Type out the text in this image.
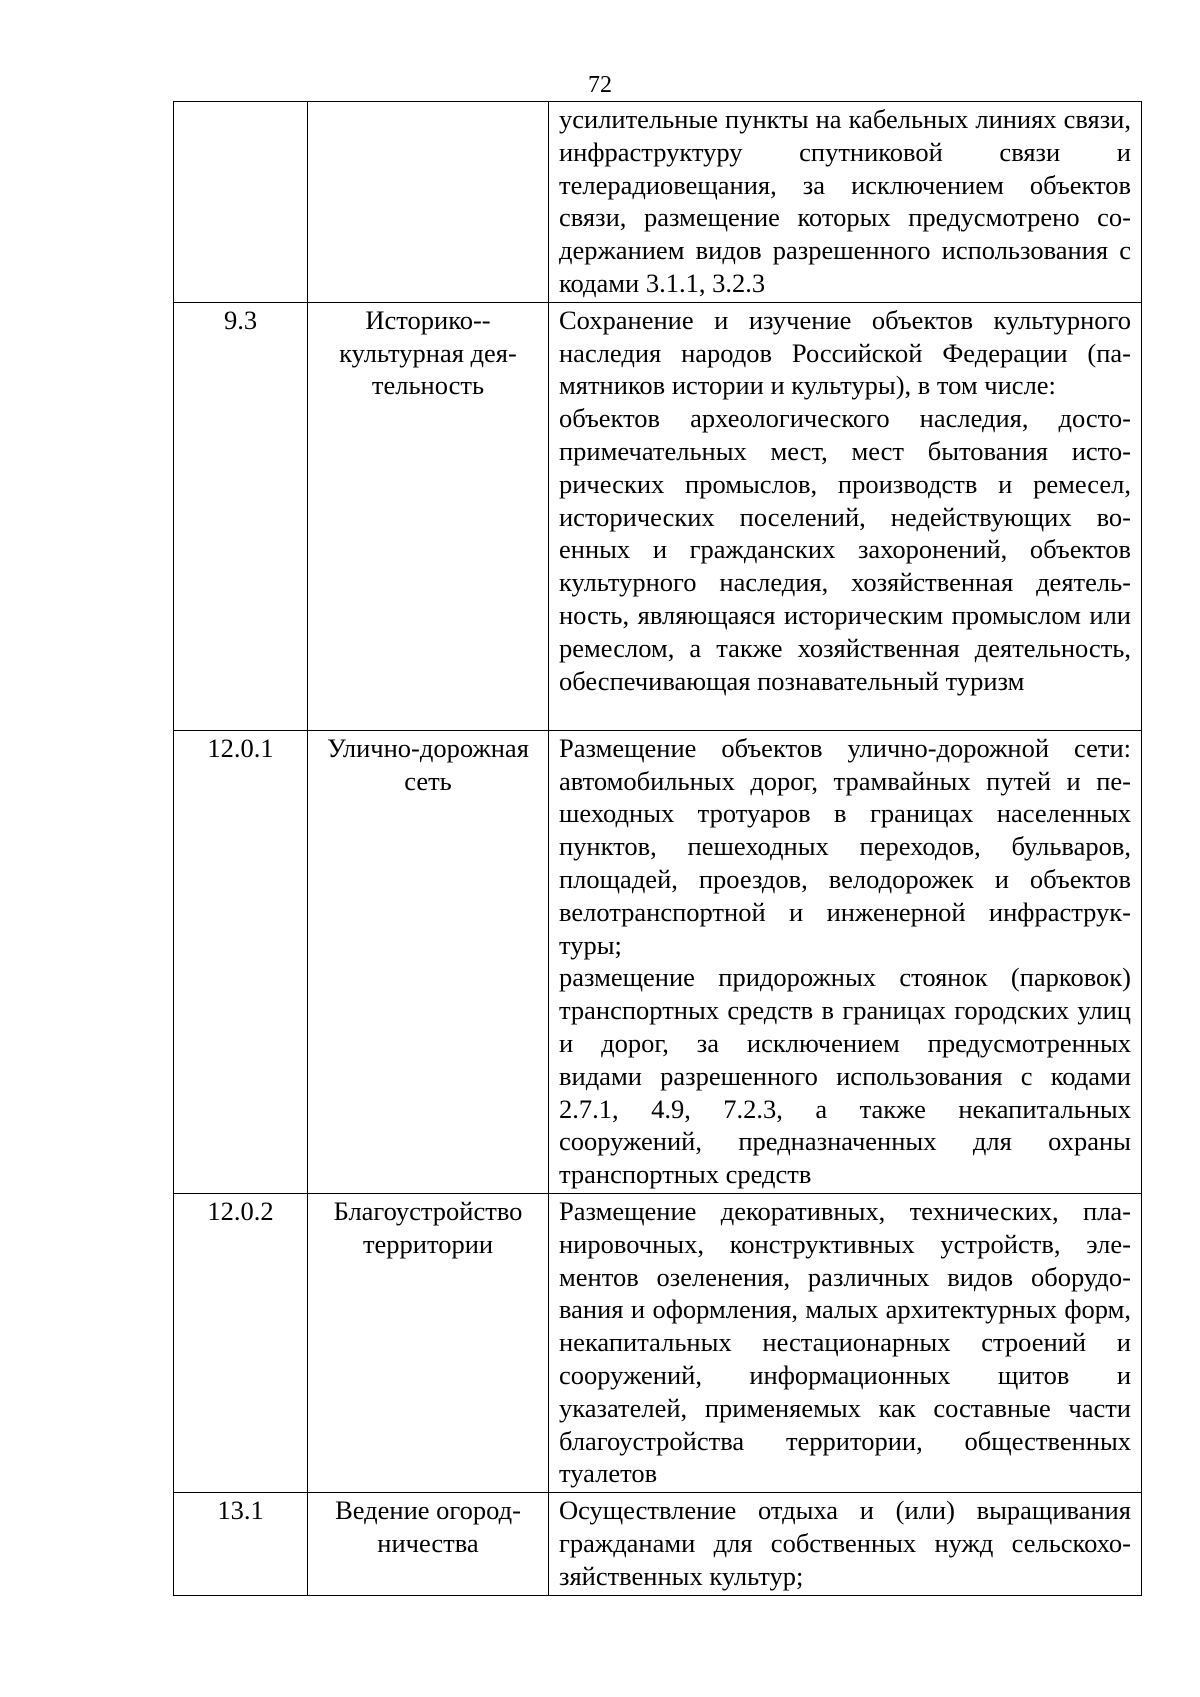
72

		усилительные пункты на кабельных линиях связи, инфраструктуру спутниковой связи и телерадиовещания, за исключением объектов связи, размещение которых предусмотрено содержанием видов разрешенного использования с кодами 3.1.1, 3.2.3

9.3	Историко-культурная деятельность	Сохранение и изучение объектов культурного наследия народов Российской Федерации (памятников истории и культуры), в том числе:
объектов археологического наследия, достопримечательных мест, мест бытования исторических промыслов, производств и ремесел, исторических поселений, недействующих военных и гражданских захоронений, объектов культурного наследия, хозяйственная деятельность, являющаяся историческим промыслом или ремеслом, а также хозяйственная деятельность, обеспечивающая познавательный туризм

12.0.1	Улично-дорожная сеть	Размещение объектов улично-дорожной сети: автомобильных дорог, трамвайных путей и пешеходных тротуаров в границах населенных пунктов, пешеходных переходов, бульваров, площадей, проездов, велодорожек и объектов велотранспортной и инженерной инфраструктуры;
размещение придорожных стоянок (парковок) транспортных средств в границах городских улиц и дорог, за исключением предусмотренных видами разрешенного использования с кодами 2.7.1, 4.9, 7.2.3, а также некапитальных сооружений, предназначенных для охраны транспортных средств

12.0.2	Благоустройство территории	Размещение декоративных, технических, планировочных, конструктивных устройств, элементов озеленения, различных видов оборудования и оформления, малых архитектурных форм, некапитальных нестационарных строений и сооружений, информационных щитов и указателей, применяемых как составные части благоустройства территории, общественных туалетов

13.1	Ведение огородничества	Осуществление отдыха и (или) выращивания гражданами для собственных нужд сельскохозяйственных культур;
